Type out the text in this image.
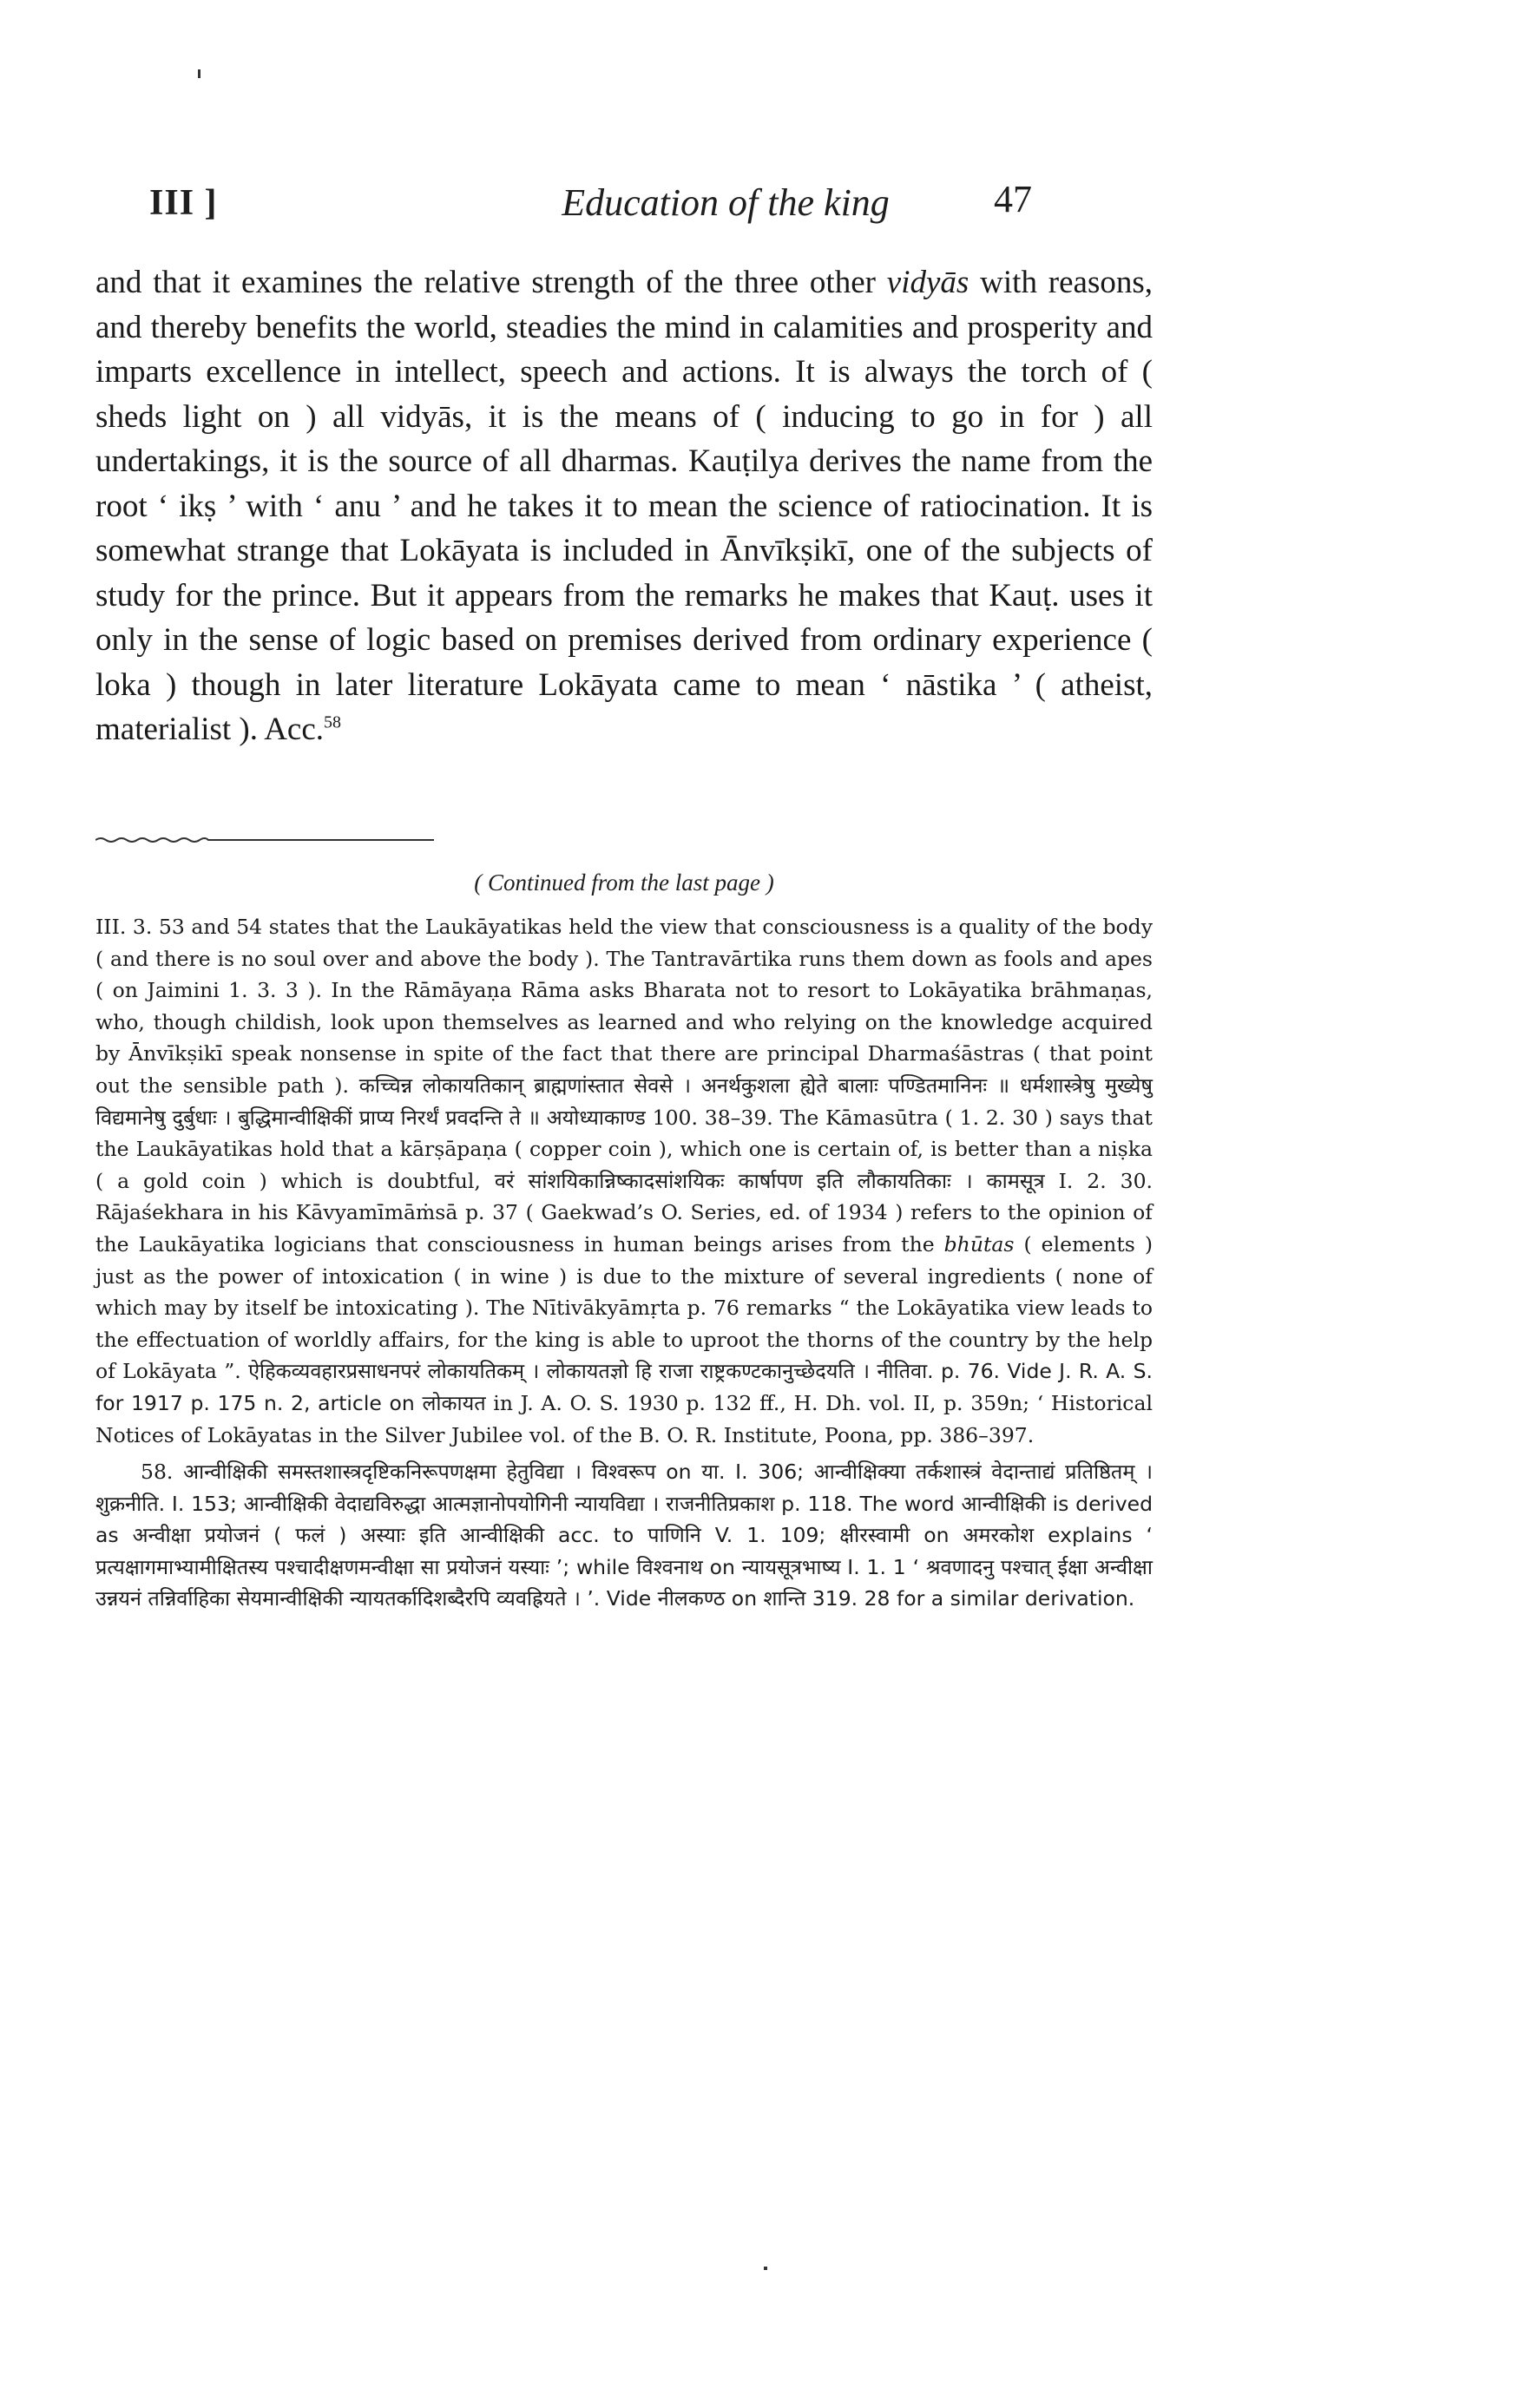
III ]	Education of the king	47
and that it examines the relative strength of the three other vidyās with reasons, and thereby benefits the world, steadies the mind in calamities and prosperity and imparts excellence in intellect, speech and actions. It is always the torch of ( sheds light on ) all vidyās, it is the means of ( inducing to go in for ) all undertakings, it is the source of all dharmas. Kauṭilya derives the name from the root ‘ ikṣ ’ with ‘ anu ’ and he takes it to mean the science of ratiocination. It is somewhat strange that Lokāyata is included in Ānvīkṣikī, one of the subjects of study for the prince. But it appears from the remarks he makes that Kauṭ. uses it only in the sense of logic based on premises derived from ordinary experience ( loka ) though in later literature Lokāyata came to mean ‘ nāstika ’ ( atheist, materialist ). Acc.$^{58}$
( Continued from the last page )

III. 3. 53 and 54 states that the Laukāyatikas held the view that consciousness is a quality of the body ( and there is no soul over and above the body ). The Tantravārtika runs them down as fools and apes ( on Jaimini 1. 3. 3 ). In the Rāmāyaṇa Rāma asks Bharata not to resort to Lokāyatika brāhmaṇas, who, though childish, look upon themselves as learned and who relying on the knowledge acquired by Ānvīkṣikī speak nonsense in spite of the fact that there are principal Dharmaśāstras ( that point out the sensible path ). कच्चिन्न लोकायतिकान् ब्राह्मणांस्तात सेवसे । अनर्थकुशला ह्येते बालाः पण्डितमानिनः ॥ धर्मशास्त्रेषु मुख्येषु विद्यमानेषु दुर्बुधाः । बुद्धिमान्वीक्षिकीं प्राप्य निरर्थं प्रवदन्ति ते ॥ अयोध्याकाण्ड 100. 38–39. The Kāmasūtra ( 1. 2. 30 ) says that the Laukāyatikas hold that a kārṣāpaṇa ( copper coin ), which one is certain of, is better than a niṣka ( a gold coin ) which is doubtful, वरं सांशयिकान्निष्कादसांशयिकः कार्षापण इति लौकायतिकाः । कामसूत्र I. 2. 30. Rājaśekhara in his Kāvyamīmāṁsā p. 37 ( Gaekwad’s O. Series, ed. of 1934 ) refers to the opinion of the Laukāyatika logicians that consciousness in human beings arises from the bhūtas ( elements ) just as the power of intoxication ( in wine ) is due to the mixture of several ingredients ( none of which may by itself be intoxicating ). The Nītivākyāmṛta p. 76 remarks “ the Lokāyatika view leads to the effectuation of worldly affairs, for the king is able to uproot the thorns of the country by the help of Lokāyata ”. ऐहिकव्यवहारप्रसाधनपरं लोकायतिकम् । लोकायतज्ञो हि राजा राष्ट्रकण्टकानुच्छेदयति । नीतिवा. p. 76. Vide J. R. A. S. for 1917 p. 175 n. 2, article on लोकायत in J. A. O. S. 1930 p. 132 ff., H. Dh. vol. II, p. 359n; ‘ Historical Notices of Lokāyatas in the Silver Jubilee vol. of the B. O. R. Institute, Poona, pp. 386–397.

58. आन्वीक्षिकी समस्तशास्त्रदृष्टिकनिरूपणक्षमा हेतुविद्या । विश्वरूप on या. I. 306; आन्वीक्षिक्या तर्कशास्त्रं वेदान्ताद्यं प्रतिष्ठितम् । शुक्रनीति. I. 153; आन्वीक्षिकी वेदाद्यविरुद्धा आत्मज्ञानोपयोगिनी न्यायविद्या । राजनीतिप्रकाश p. 118. The word आन्वीक्षिकी is derived as अन्वीक्षा प्रयोजनं ( फलं ) अस्याः इति आन्वीक्षिकी acc. to पाणिनि V. 1. 109; क्षीरस्वामी on अमरकोश explains ‘ प्रत्यक्षागमाभ्यामीक्षितस्य पश्चादीक्षणमन्वीक्षा सा प्रयोजनं यस्याः ’; while विश्वनाथ on न्यायसूत्रभाष्य I. 1. 1 ‘ श्रवणादनु पश्चात् ईक्षा अन्वीक्षा उन्नयनं तन्निर्वाहिका सेयमान्वीक्षिकी न्यायतर्कादिशब्दैरपि व्यवह्रियते । ’. Vide नीलकण्ठ on शान्ति 319. 28 for a similar derivation.
